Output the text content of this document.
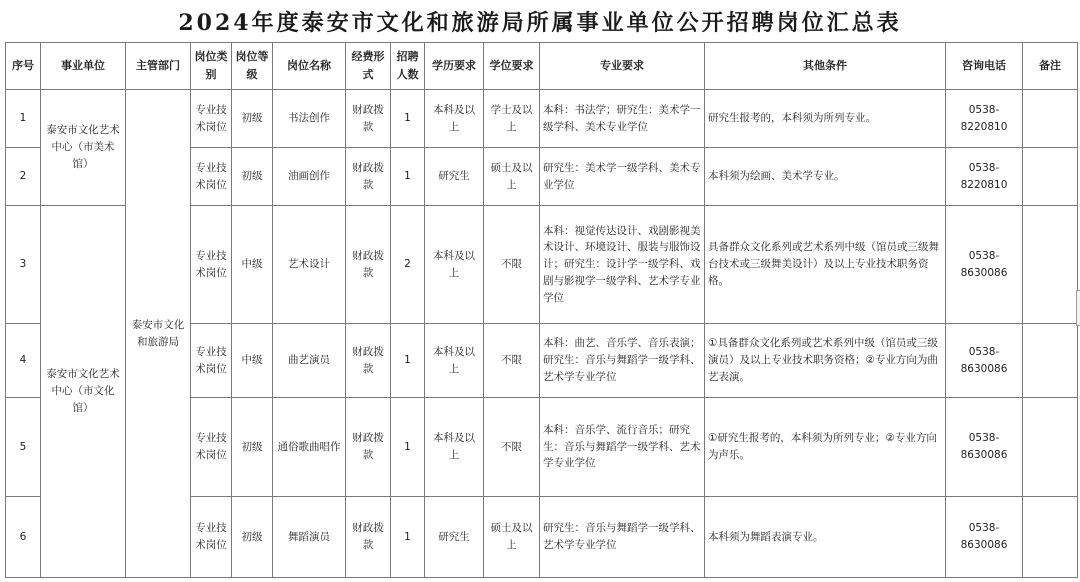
2024年度泰安市文化和旅游局所属事业单位公开招聘岗位汇总表
序号	事业单位	主管部门	岗位类别	岗位等级	岗位名称	经费形式	招聘人数	学历要求	学位要求	专业要求	其他条件	咨询电话	备注
1	泰安市文化艺术中心（市美术馆）	泰安市文化和旅游局	专业技术岗位	初级	书法创作	财政拨款	1	本科及以上	学士及以上	本科：书法学；研究生：美术学一级学科、美术专业学位	研究生报考的，本科须为所列专业。	0538-8220810	
2			专业技术岗位	初级	油画创作	财政拨款	1	研究生	硕士及以上	研究生：美术学一级学科、美术专业学位	本科须为绘画、美术学专业。	0538-8220810	
3	泰安市文化艺术中心（市文化馆）		专业技术岗位	中级	艺术设计	财政拨款	2	本科及以上	不限	本科：视觉传达设计、戏剧影视美术设计、环境设计、服装与服饰设计；研究生：设计学一级学科、戏剧与影视学一级学科、艺术学专业学位	具备群众文化系列或艺术系列中级（馆员或三级舞台技术或三级舞美设计）及以上专业技术职务资格。	0538-8630086	
4			专业技术岗位	中级	曲艺演员	财政拨款	1	本科及以上	不限	本科：曲艺、音乐学、音乐表演；研究生：音乐与舞蹈学一级学科、艺术学专业学位	①具备群众文化系列或艺术系列中级（馆员或三级演员）及以上专业技术职务资格；②专业方向为曲艺表演。	0538-8630086	
5			专业技术岗位	初级	通俗歌曲唱作	财政拨款	1	本科及以上	不限	本科：音乐学、流行音乐；研究生：音乐与舞蹈学一级学科、艺术学专业学位	①研究生报考的，本科须为所列专业；②专业方向为声乐。	0538-8630086	
6			专业技术岗位	初级	舞蹈演员	财政拨款	1	研究生	硕士及以上	研究生：音乐与舞蹈学一级学科、艺术学专业学位	本科须为舞蹈表演专业。	0538-8630086	
